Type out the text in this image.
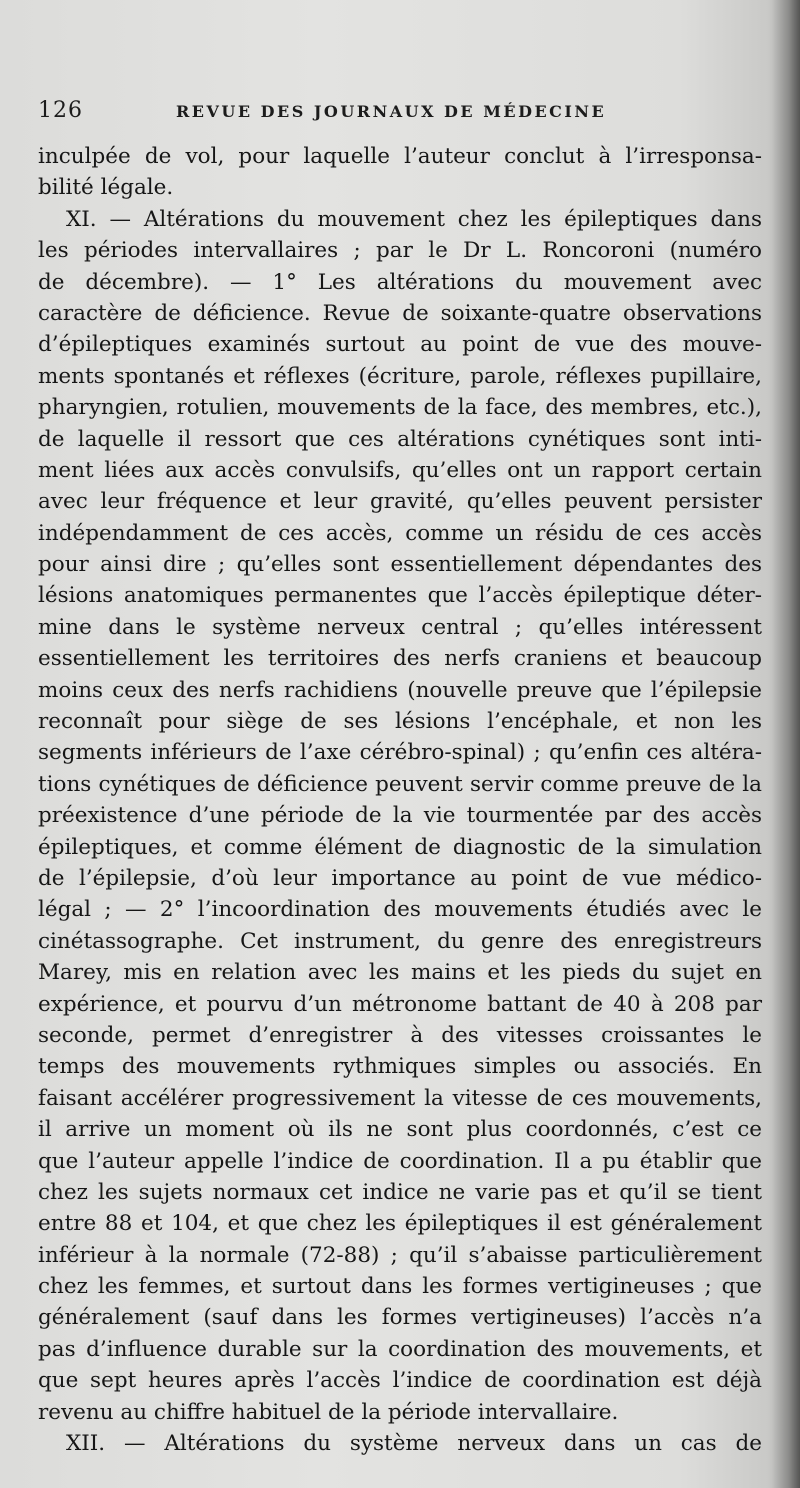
126	REVUE DES JOURNAUX DE MÉDECINE
inculpée de vol, pour laquelle l’auteur conclut à l’irresponsa-
bilité légale.
XI. — Altérations du mouvement chez les épileptiques dans
les périodes intervallaires ; par le Dr L. Roncoroni (numéro
de décembre). — 1° Les altérations du mouvement avec
caractère de déficience. Revue de soixante-quatre observations
d’épileptiques examinés surtout au point de vue des mouve-
ments spontanés et réflexes (écriture, parole, réflexes pupillaire,
pharyngien, rotulien, mouvements de la face, des membres, etc.),
de laquelle il ressort que ces altérations cynétiques sont inti-
ment liées aux accès convulsifs, qu’elles ont un rapport certain
avec leur fréquence et leur gravité, qu’elles peuvent persister
indépendamment de ces accès, comme un résidu de ces accès
pour ainsi dire ; qu’elles sont essentiellement dépendantes des
lésions anatomiques permanentes que l’accès épileptique déter-
mine dans le système nerveux central ; qu’elles intéressent
essentiellement les territoires des nerfs craniens et beaucoup
moins ceux des nerfs rachidiens (nouvelle preuve que l’épilepsie
reconnaît pour siège de ses lésions l’encéphale, et non les
segments inférieurs de l’axe cérébro-spinal) ; qu’enfin ces altéra-
tions cynétiques de déficience peuvent servir comme preuve de la
préexistence d’une période de la vie tourmentée par des accès
épileptiques, et comme élément de diagnostic de la simulation
de l’épilepsie, d’où leur importance au point de vue médico-
légal ; — 2° l’incoordination des mouvements étudiés avec le
cinétassographe. Cet instrument, du genre des enregistreurs
Marey, mis en relation avec les mains et les pieds du sujet en
expérience, et pourvu d’un métronome battant de 40 à 208 par
seconde, permet d’enregistrer à des vitesses croissantes le
temps des mouvements rythmiques simples ou associés. En
faisant accélérer progressivement la vitesse de ces mouvements,
il arrive un moment où ils ne sont plus coordonnés, c’est ce
que l’auteur appelle l’indice de coordination. Il a pu établir que
chez les sujets normaux cet indice ne varie pas et qu’il se tient
entre 88 et 104, et que chez les épileptiques il est généralement
inférieur à la normale (72-88) ; qu’il s’abaisse particulièrement
chez les femmes, et surtout dans les formes vertigineuses ; que
généralement (sauf dans les formes vertigineuses) l’accès n’a
pas d’influence durable sur la coordination des mouvements, et
que sept heures après l’accès l’indice de coordination est déjà
revenu au chiffre habituel de la période intervallaire.
XII. — Altérations du système nerveux dans un cas de
